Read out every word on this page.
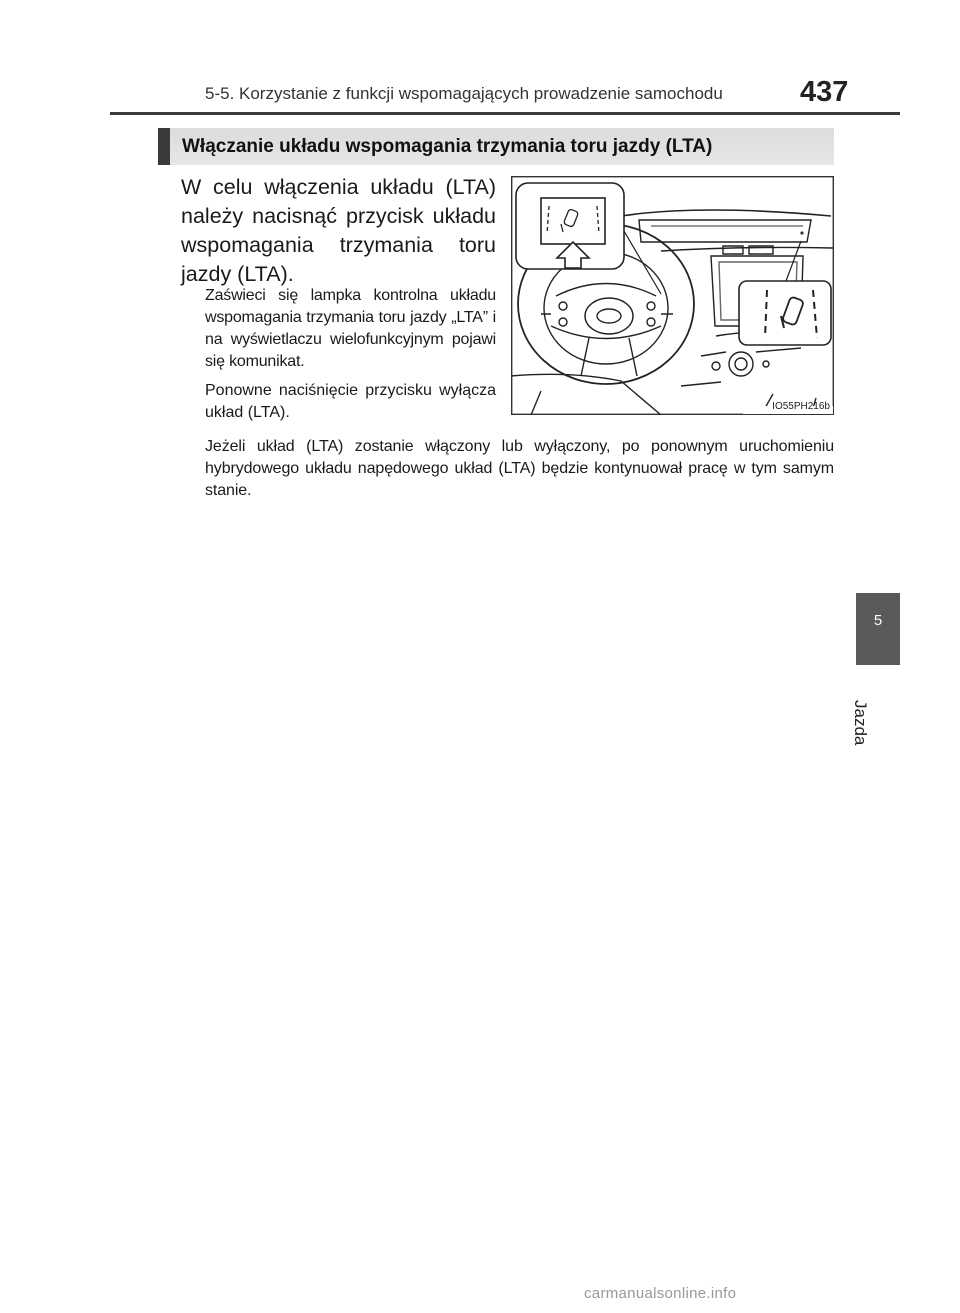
5-5. Korzystanie z funkcji wspomagających prowadzenie samochodu	437
Włączanie układu wspomagania trzymania toru jazdy (LTA)
W celu włączenia układu (LTA) należy nacisnąć przycisk układu wspomagania trzymania toru jazdy (LTA).
Zaświeci się lampka kontrolna układu wspomagania trzymania toru jazdy „LTA” i na wyświetlaczu wielofunkcyjnym pojawi się komunikat.
Ponowne naciśnięcie przycisku wyłącza układ (LTA).
Jeżeli układ (LTA) zostanie włączony lub wyłączony, po ponownym uruchomieniu hybrydowego układu napędowego układ (LTA) będzie kontynuował pracę w tym samym stanie.
IO55PH216b
5
Jazda
carmanualsonline.info
